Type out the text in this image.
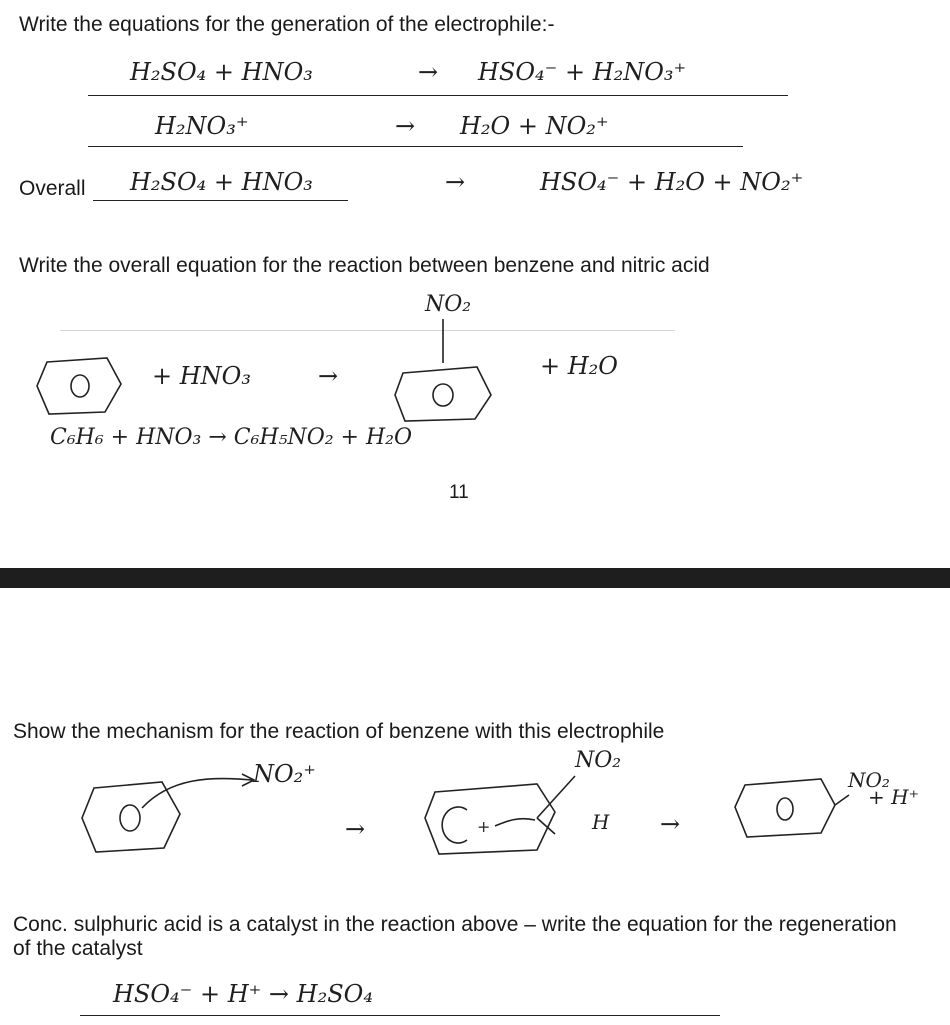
Write the equations for the generation of the electrophile:-

H₂SO₄ + HNO₃	→ HSO₄⁻ + H₂NO₃⁺
H₂NO₃⁺	→ H₂O + NO₂⁺

Overall H₂SO₄ + HNO₃	→	HSO₄⁻ + H₂O + NO₂⁺

Write the overall equation for the reaction between benzene and nitric acid

+ HNO₃	→
NO₂
+ H₂O
C₆H₆ + HNO₃ → C₆H₅NO₂ + H₂O
11

Show the mechanism for the reaction of benzene with this electrophile

NO₂⁺
→
NO₂
+	H →
NO₂
+ H⁺

Conc. sulphuric acid is a catalyst in the reaction above – write the equation for the regeneration of the catalyst

HSO₄⁻ + H⁺ → H₂SO₄
